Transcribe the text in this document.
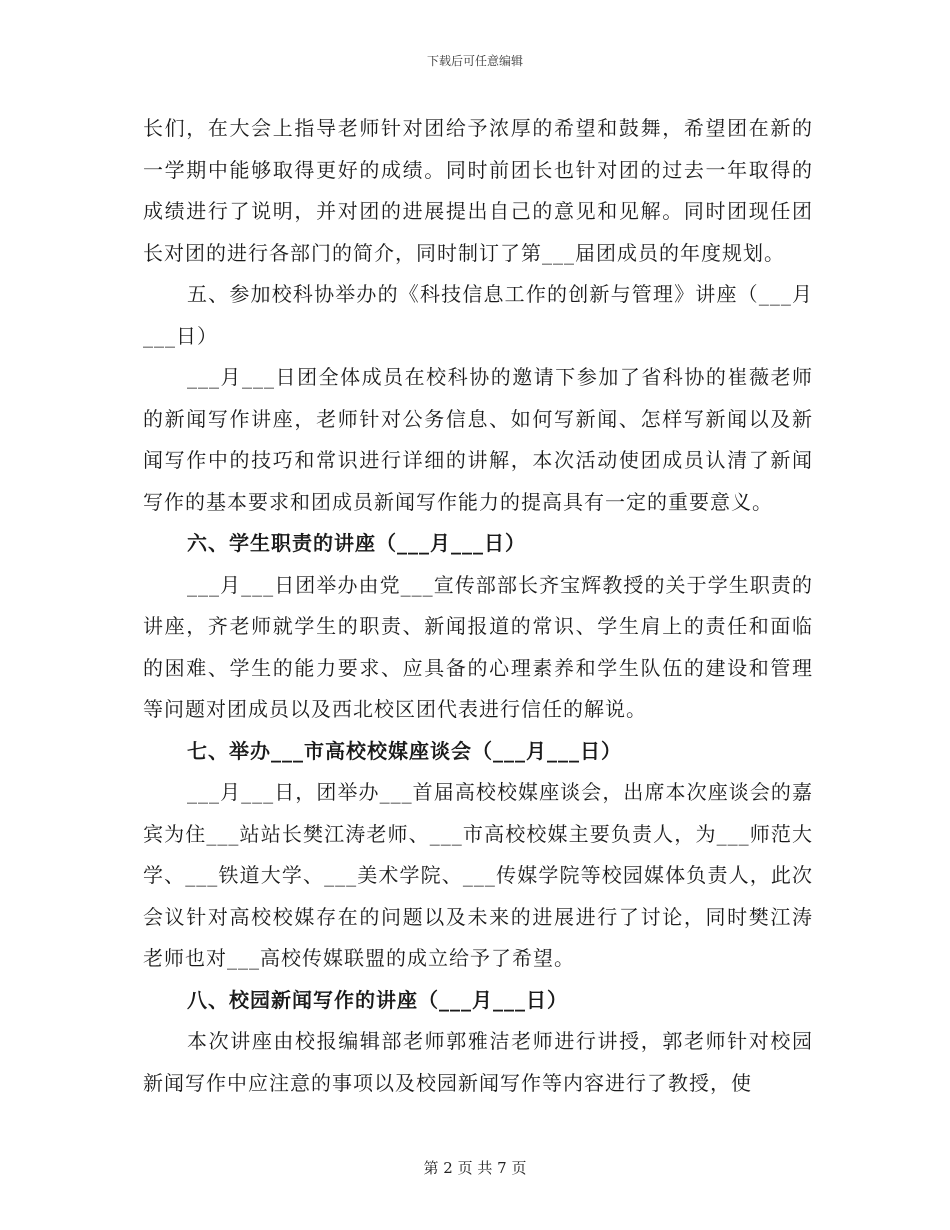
下载后可任意编辑

长们，在大会上指导老师针对团给予浓厚的希望和鼓舞，希望团在新的一学期中能够取得更好的成绩。同时前团长也针对团的过去一年取得的成绩进行了说明，并对团的进展提出自己的意见和见解。同时团现任团长对团的进行各部门的简介，同时制订了第___届团成员的年度规划。

五、参加校科协举办的《科技信息工作的创新与管理》讲座（___月___日）

___月___日团全体成员在校科协的邀请下参加了省科协的崔薇老师的新闻写作讲座，老师针对公务信息、如何写新闻、怎样写新闻以及新闻写作中的技巧和常识进行详细的讲解，本次活动使团成员认清了新闻写作的基本要求和团成员新闻写作能力的提高具有一定的重要意义。

六、学生职责的讲座（___月___日）

___月___日团举办由党___宣传部部长齐宝辉教授的关于学生职责的讲座，齐老师就学生的职责、新闻报道的常识、学生肩上的责任和面临的困难、学生的能力要求、应具备的心理素养和学生队伍的建设和管理等问题对团成员以及西北校区团代表进行信任的解说。

七、举办___市高校校媒座谈会（___月___日）

___月___日，团举办___首届高校校媒座谈会，出席本次座谈会的嘉宾为住___站站长樊江涛老师、___市高校校媒主要负责人，为___师范大学、___铁道大学、___美术学院、___传媒学院等校园媒体负责人，此次会议针对高校校媒存在的问题以及未来的进展进行了讨论，同时樊江涛老师也对___高校传媒联盟的成立给予了希望。

八、校园新闻写作的讲座（___月___日）

本次讲座由校报编辑部老师郭雅洁老师进行讲授，郭老师针对校园新闻写作中应注意的事项以及校园新闻写作等内容进行了教授，使

第 2 页 共 7 页
